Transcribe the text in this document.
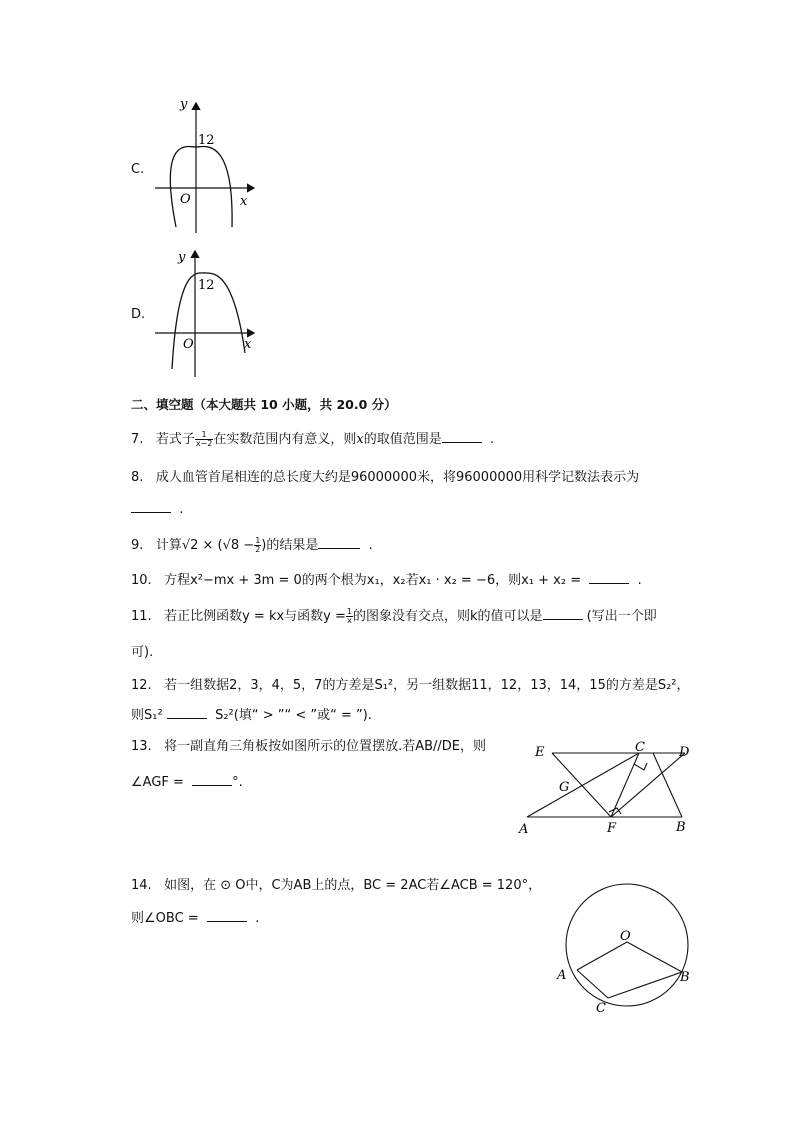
C.
y
12
O	x
D.
y
12
O	x
二、填空题（本大题共 10 小题，共 20.0 分）
7. 若式子 $\frac{1}{x-2}$ 在实数范围内有意义，则x的取值范围是	.
8. 成人血管首尾相连的总长度大约是96000000米，将96000000用科学记数法表示为
.
9. 计算$√2 \times (√8 - \frac{1}{2}$ )的结果是	.
10. 方程x²−mx + 3m = 0的两个根为x₁，x₂若x₁ · x₂ = −6，则x₁ + x₂ =	.
11. 若正比例函数y = kx与函数$y = \frac{1}{x}$ 的图象没有交点，则k的值可以是	(写出一个即
可).
12. 若一组数据2，3，4，5，7的方差是S₁²，另一组数据11，12，13，14，15的方差是S₂²，
则S₁²	S₂²(填“ > ”“ < ”或“ = ”).
13. 将一副直角三角板按如图所示的位置摆放.若AB//DE，则
∠AGF =	°.
E	C	D
G
A	F	B
14. 如图，在 ⊙ O中，C为AB上的点，BC = 2AC若∠ACB = 120°，
则∠OBC =	.
O
A	B
C
